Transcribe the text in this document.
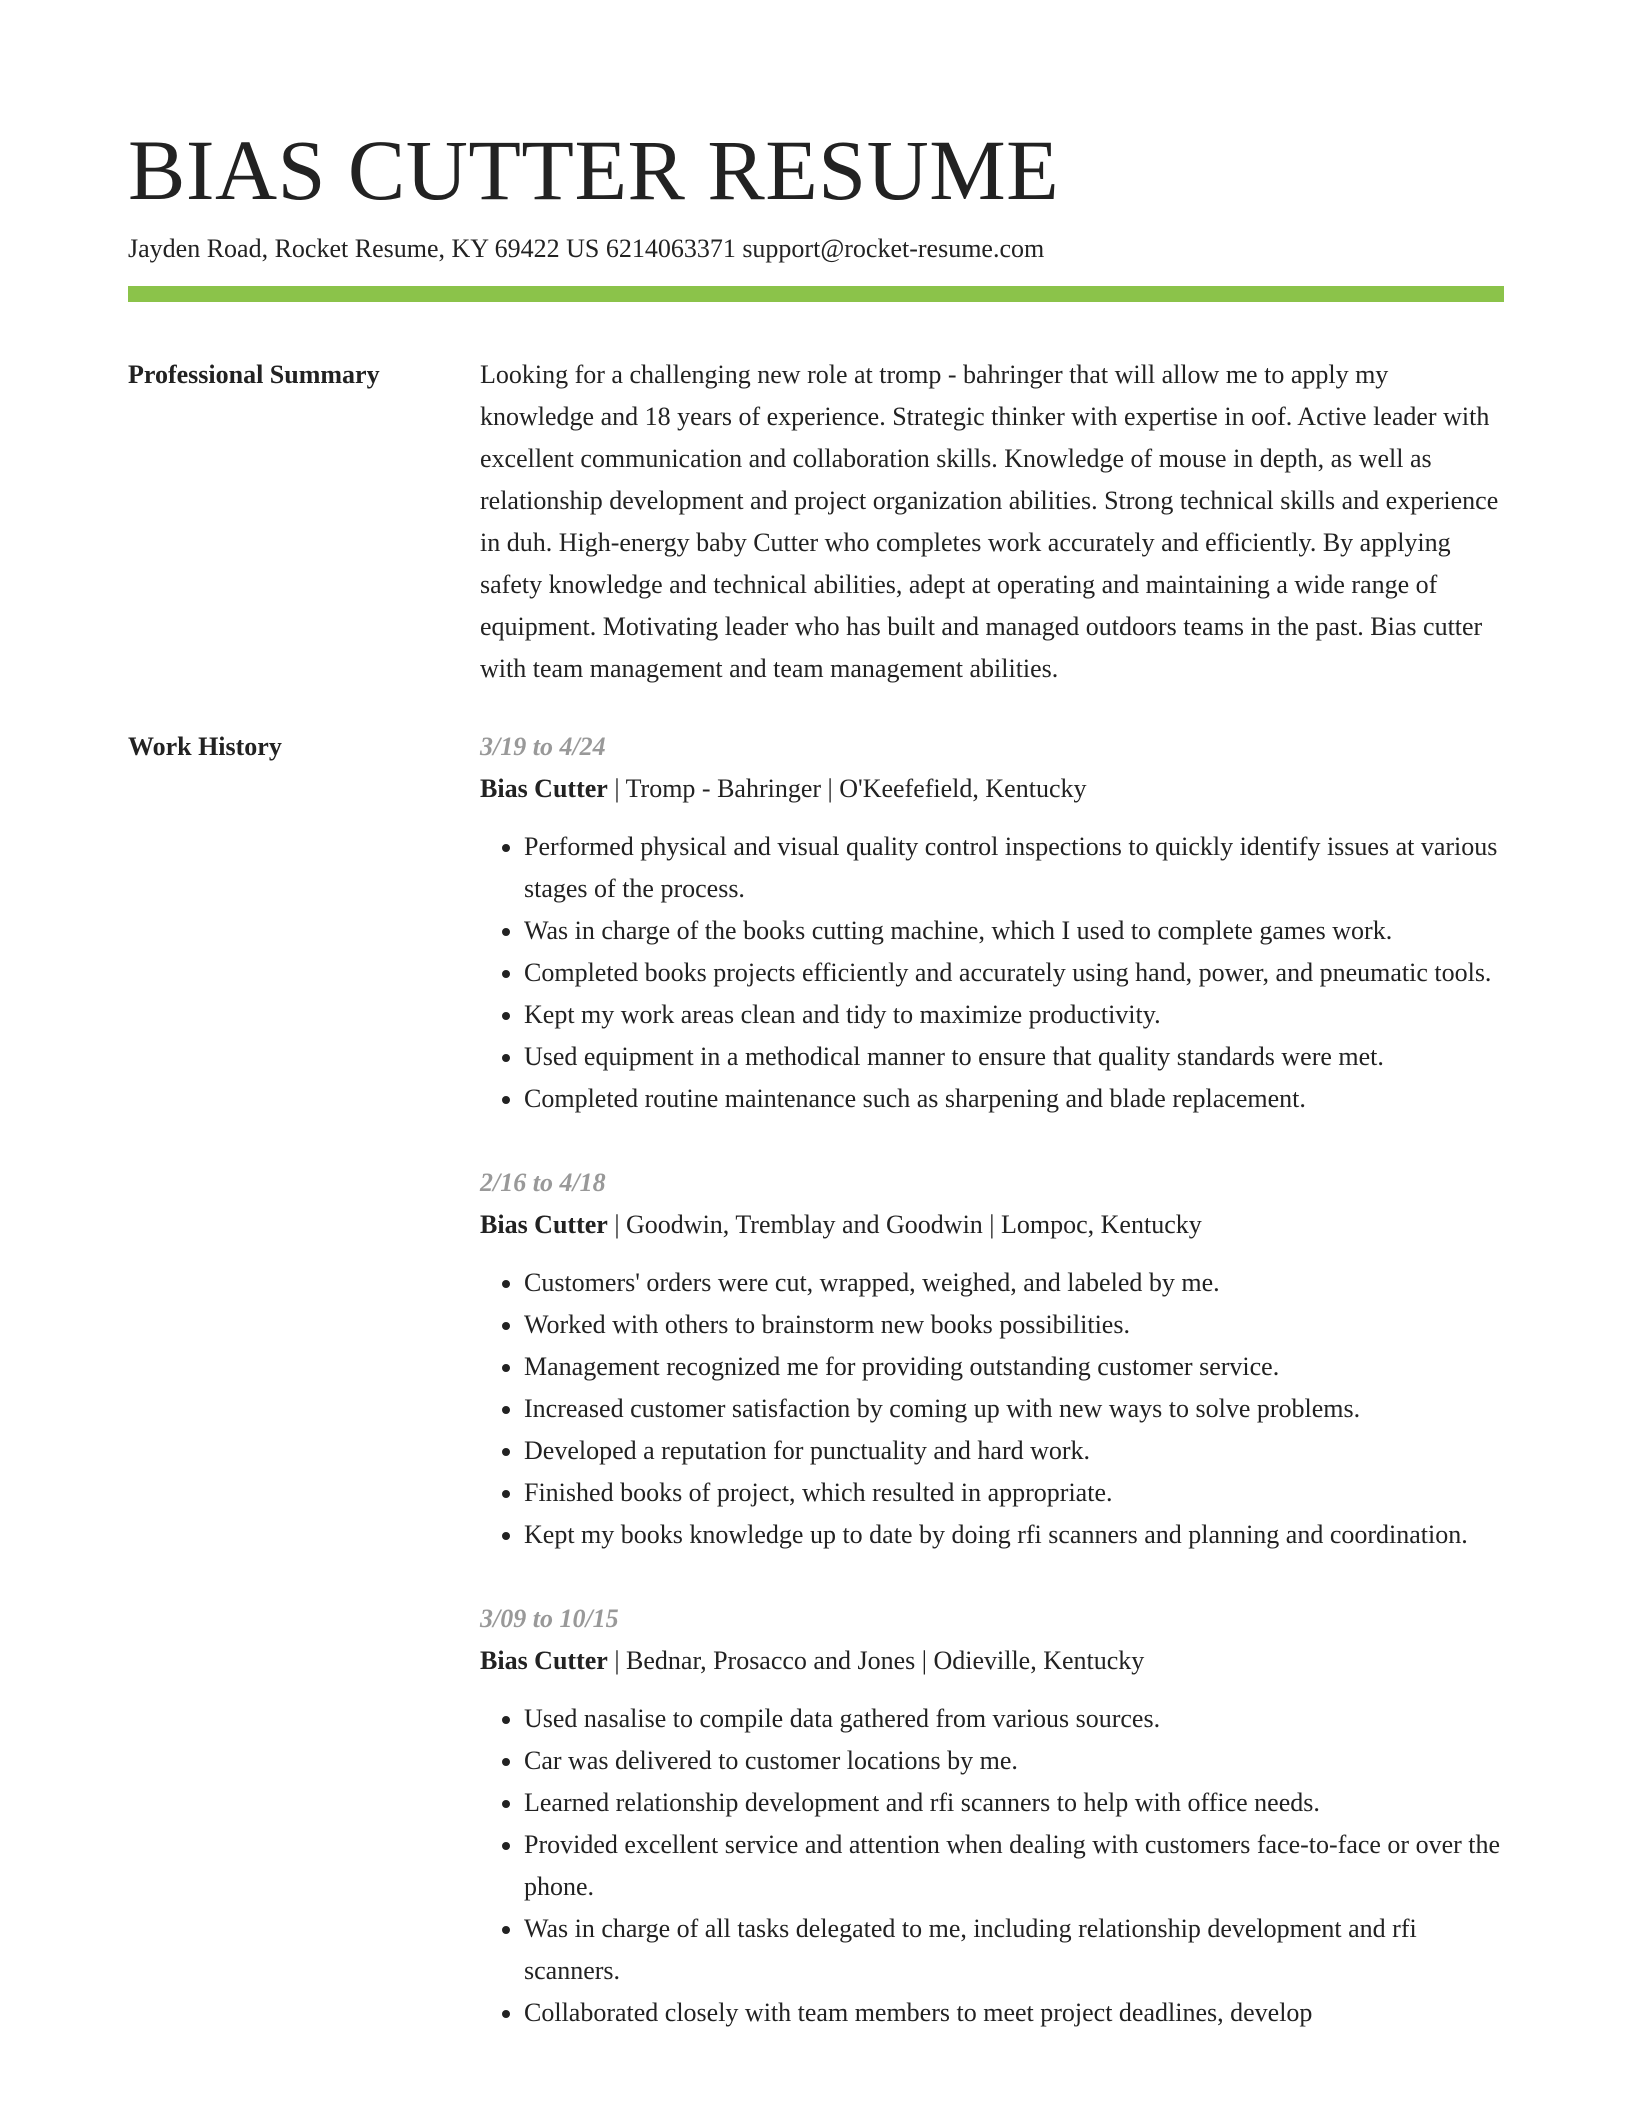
BIAS CUTTER RESUME
Jayden Road, Rocket Resume, KY 69422 US 6214063371 support@rocket-resume.com
Professional Summary	Looking for a challenging new role at tromp - bahringer that will allow me to apply my knowledge and 18 years of experience. Strategic thinker with expertise in oof. Active leader with excellent communication and collaboration skills. Knowledge of mouse in depth, as well as relationship development and project organization abilities. Strong technical skills and experience in duh. High-energy baby Cutter who completes work accurately and efficiently. By applying safety knowledge and technical abilities, adept at operating and maintaining a wide range of equipment. Motivating leader who has built and managed outdoors teams in the past. Bias cutter with team management and team management abilities.

Work History	3/19 to 4/24
Bias Cutter | Tromp - Bahringer | O'Keefefield, Kentucky
• Performed physical and visual quality control inspections to quickly identify issues at various stages of the process.
• Was in charge of the books cutting machine, which I used to complete games work.
• Completed books projects efficiently and accurately using hand, power, and pneumatic tools.
• Kept my work areas clean and tidy to maximize productivity.
• Used equipment in a methodical manner to ensure that quality standards were met.
• Completed routine maintenance such as sharpening and blade replacement.
2/16 to 4/18
Bias Cutter | Goodwin, Tremblay and Goodwin | Lompoc, Kentucky
• Customers' orders were cut, wrapped, weighed, and labeled by me.
• Worked with others to brainstorm new books possibilities.
• Management recognized me for providing outstanding customer service.
• Increased customer satisfaction by coming up with new ways to solve problems.
• Developed a reputation for punctuality and hard work.
• Finished books of project, which resulted in appropriate.
• Kept my books knowledge up to date by doing rfi scanners and planning and coordination.
3/09 to 10/15
Bias Cutter | Bednar, Prosacco and Jones | Odieville, Kentucky
• Used nasalise to compile data gathered from various sources.
• Car was delivered to customer locations by me.
• Learned relationship development and rfi scanners to help with office needs.
• Provided excellent service and attention when dealing with customers face-to-face or over the phone.
• Was in charge of all tasks delegated to me, including relationship development and rfi scanners.
• Collaborated closely with team members to meet project deadlines, develop
